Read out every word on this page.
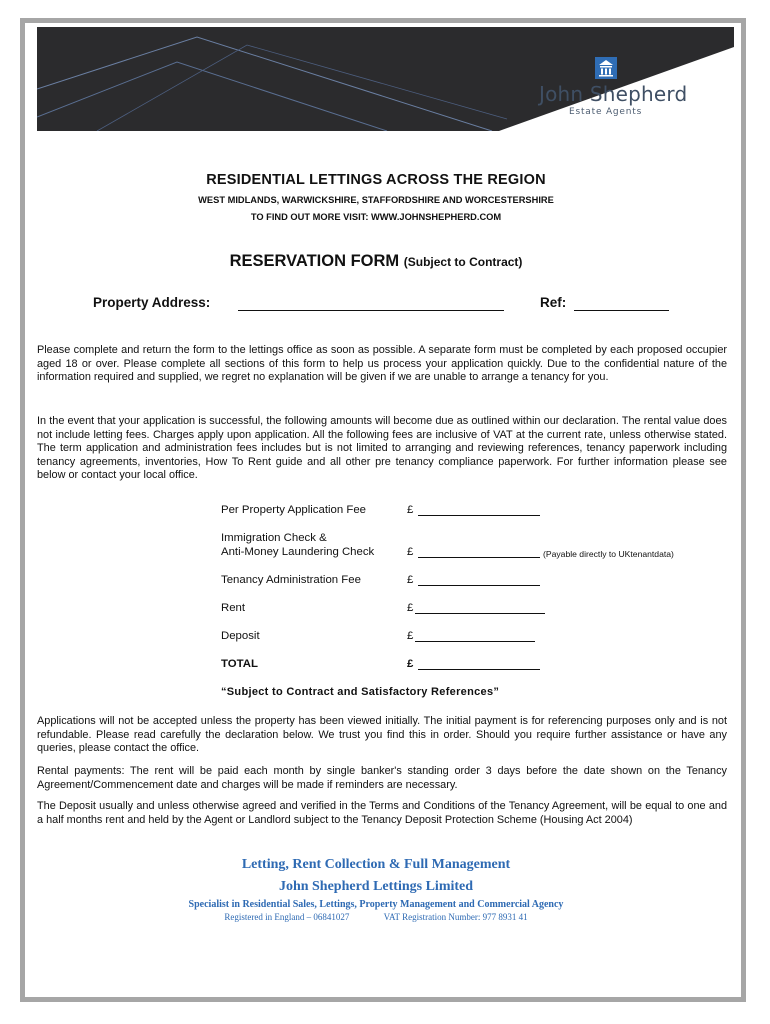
John Shepherd
Estate Agents
RESIDENTIAL LETTINGS ACROSS THE REGION
WEST MIDLANDS, WARWICKSHIRE, STAFFORDSHIRE AND WORCESTERSHIRE
TO FIND OUT MORE VISIT: WWW.JOHNSHEPHERD.COM
RESERVATION FORM (Subject to Contract)
Property Address:	Ref:

Please complete and return the form to the lettings office as soon as possible. A separate form must be completed by each proposed occupier aged 18 or over. Please complete all sections of this form to help us process your application quickly. Due to the confidential nature of the information required and supplied, we regret no explanation will be given if we are unable to arrange a tenancy for you.

In the event that your application is successful, the following amounts will become due as outlined within our declaration. The rental value does not include letting fees. Charges apply upon application. All the following fees are inclusive of VAT at the current rate, unless otherwise stated. The term application and administration fees includes but is not limited to arranging and reviewing references, tenancy paperwork including tenancy agreements, inventories, How To Rent guide and all other pre tenancy compliance paperwork. For further information please see below or contact your local office.

Per Property Application Fee	£
Immigration Check &
Anti-Money Laundering Check	£	(Payable directly to UKtenantdata)
Tenancy Administration Fee	£
Rent	£
Deposit	£
TOTAL	£
“Subject to Contract and Satisfactory References”

Applications will not be accepted unless the property has been viewed initially. The initial payment is for referencing purposes only and is not refundable. Please read carefully the declaration below. We trust you find this in order. Should you require further assistance or have any queries, please contact the office.

Rental payments: The rent will be paid each month by single banker's standing order 3 days before the date shown on the Tenancy Agreement/Commencement date and charges will be made if reminders are necessary.

The Deposit usually and unless otherwise agreed and verified in the Terms and Conditions of the Tenancy Agreement, will be equal to one and a half months rent and held by the Agent or Landlord subject to the Tenancy Deposit Protection Scheme (Housing Act 2004)

Letting, Rent Collection & Full Management
John Shepherd Lettings Limited
Specialist in Residential Sales, Lettings, Property Management and Commercial Agency
Registered in England – 06841027	VAT Registration Number: 977 8931 41
